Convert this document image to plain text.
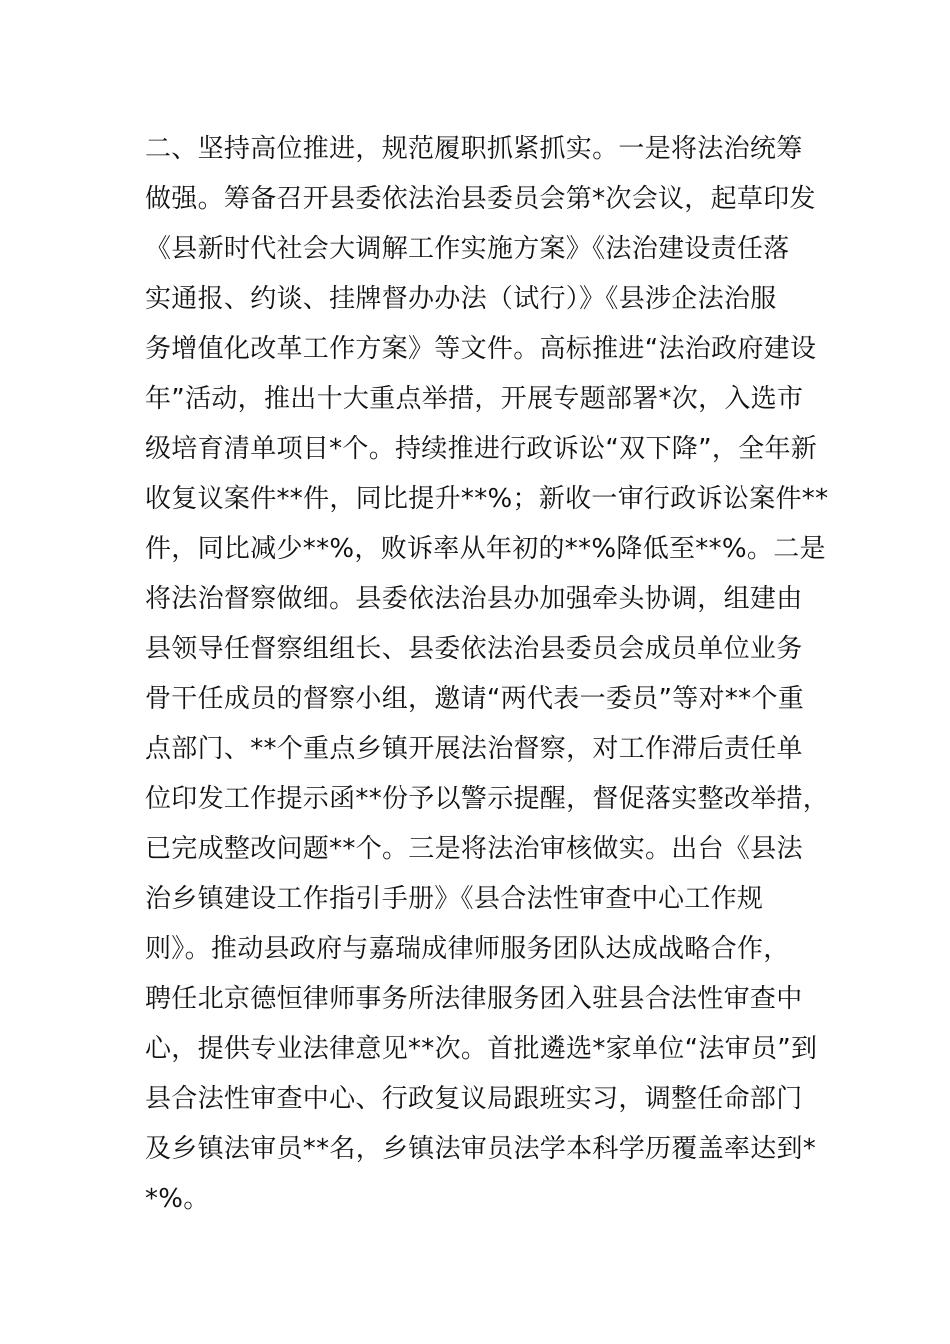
二、坚持高位推进，规范履职抓紧抓实。一是将法治统筹
做强。筹备召开县委依法治县委员会第*次会议，起草印发
《县新时代社会大调解工作实施方案》《法治建设责任落
实通报、约谈、挂牌督办办法（试行）》《县涉企法治服
务增值化改革工作方案》等文件。高标推进“法治政府建设
年”活动，推出十大重点举措，开展专题部署*次，入选市
级培育清单项目*个。持续推进行政诉讼“双下降”，全年新
收复议案件**件，同比提升**%；新收一审行政诉讼案件**
件，同比减少**%，败诉率从年初的**%降低至**%。二是
将法治督察做细。县委依法治县办加强牵头协调，组建由
县领导任督察组组长、县委依法治县委员会成员单位业务
骨干任成员的督察小组，邀请“两代表一委员”等对**个重
点部门、**个重点乡镇开展法治督察，对工作滞后责任单
位印发工作提示函**份予以警示提醒，督促落实整改举措，
已完成整改问题**个。三是将法治审核做实。出台《县法
治乡镇建设工作指引手册》《县合法性审查中心工作规
则》。推动县政府与嘉瑞成律师服务团队达成战略合作，
聘任北京德恒律师事务所法律服务团入驻县合法性审查中
心，提供专业法律意见**次。首批遴选*家单位“法审员”到
县合法性审查中心、行政复议局跟班实习，调整任命部门
及乡镇法审员**名，乡镇法审员法学本科学历覆盖率达到*
*%。
